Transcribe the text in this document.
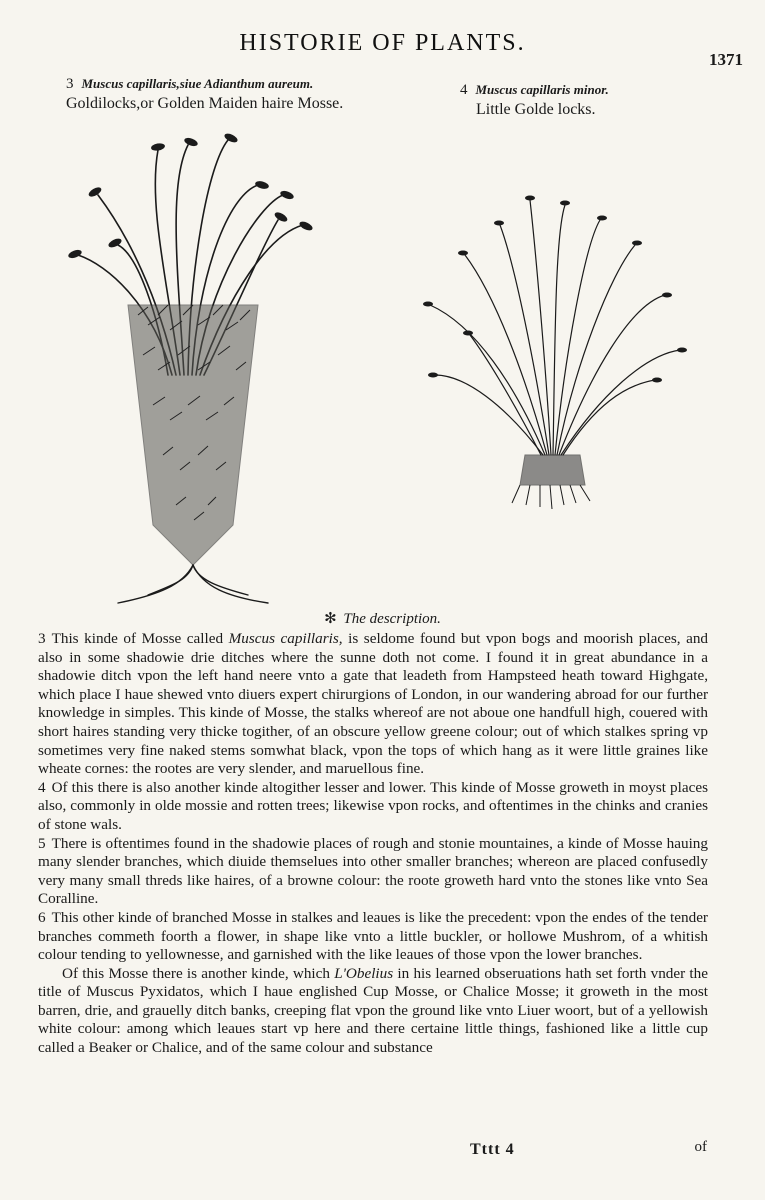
HISTORIE OF PLANTS.
1371
3 Muscus capillaris,siue Adianthum aureum.
Goldilocks,or Golden Maiden haire Mosse.
4 Muscus capillaris minor.
Little Golde locks.
✻ The description.

3 This kinde of Mosse called Muscus capillaris, is seldome found but vpon bogs and moorish places, and also in some shadowie drie ditches where the sunne doth not come. I found it in great abundance in a shadowie ditch vpon the left hand neere vnto a gate that leadeth from Hampsteed heath toward Highgate, which place I haue shewed vnto diuers expert chirurgions of London, in our wandering abroad for our further knowledge in simples. This kinde of Mosse, the stalks whereof are not aboue one handfull high, couered with short haires standing very thicke togither, of an obscure yellow greene colour; out of which stalkes spring vp sometimes very fine naked stems somwhat black, vpon the tops of which hang as it were little graines like wheate cornes: the rootes are very slender, and maruellous fine.

4 Of this there is also another kinde altogither lesser and lower. This kinde of Mosse groweth in moyst places also, commonly in olde mossie and rotten trees; likewise vpon rocks, and oftentimes in the chinks and cranies of stone wals.

5 There is oftentimes found in the shadowie places of rough and stonie mountaines, a kinde of Mosse hauing many slender branches, which diuide themselues into other smaller branches; whereon are placed confusedly very many small threds like haires, of a browne colour: the roote groweth hard vnto the stones like vnto Sea Coralline.

6 This other kinde of branched Mosse in stalkes and leaues is like the precedent: vpon the endes of the tender branches commeth foorth a flower, in shape like vnto a little buckler, or hollowe Mushrom, of a whitish colour tending to yellownesse, and garnished with the like leaues of those vpon the lower branches.

Of this Mosse there is another kinde, which L'Obelius in his learned obseruations hath set forth vnder the title of Muscus Pyxidatos, which I haue englished Cup Mosse, or Chalice Mosse; it groweth in the most barren, drie, and grauelly ditch banks, creeping flat vpon the ground like vnto Liuer woort, but of a yellowish white colour: among which leaues start vp here and there certaine little things, fashioned like a little cup called a Beaker or Chalice, and of the same colour and substance

Tttt 4	of
